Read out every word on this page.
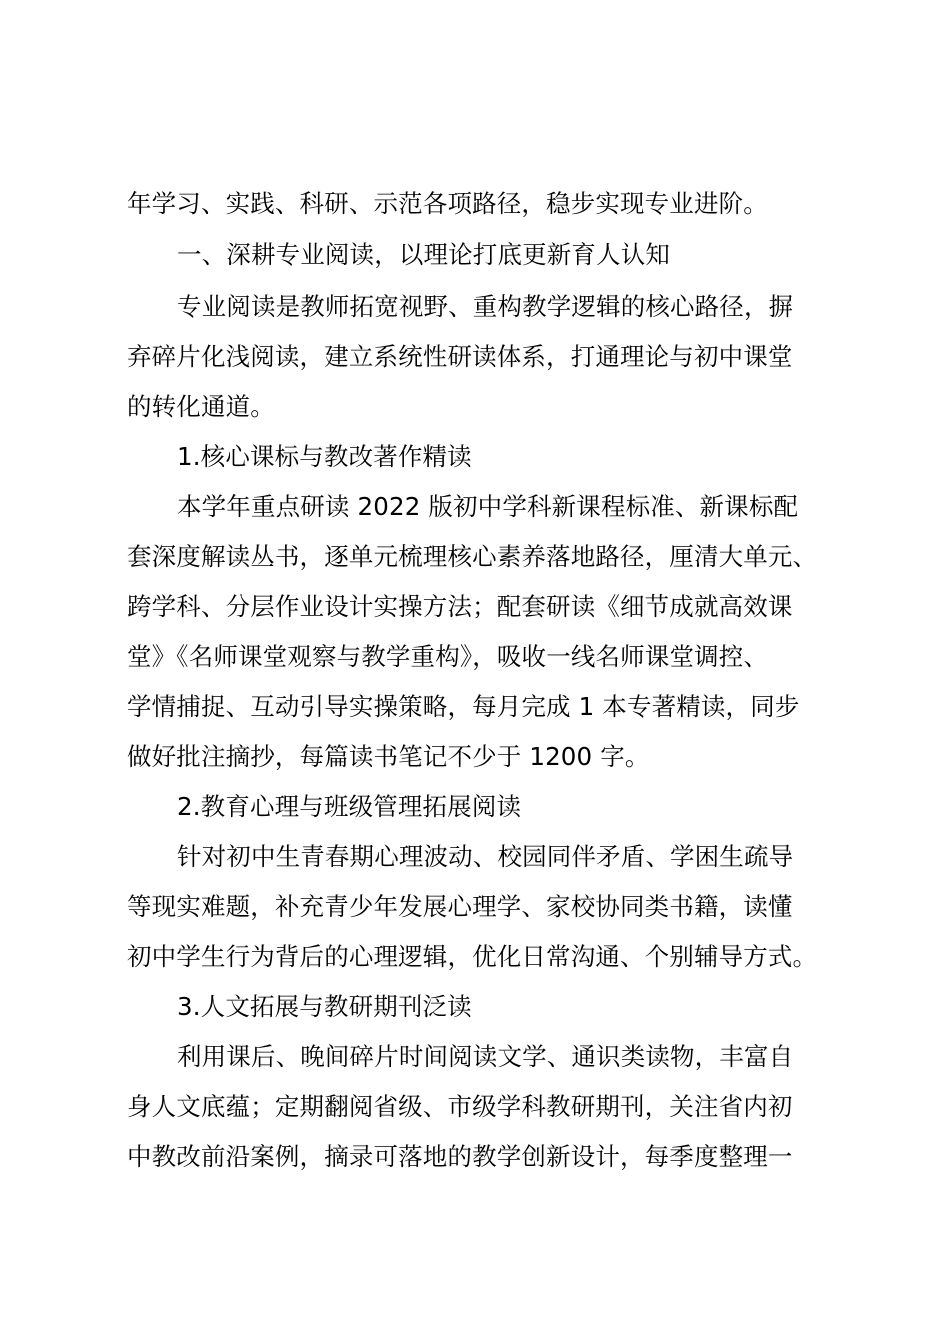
年学习、实践、科研、示范各项路径，稳步实现专业进阶。
一、深耕专业阅读，以理论打底更新育人认知
专业阅读是教师拓宽视野、重构教学逻辑的核心路径，摒
弃碎片化浅阅读，建立系统性研读体系，打通理论与初中课堂
的转化通道。
1.核心课标与教改著作精读
本学年重点研读 2022 版初中学科新课程标准、新课标配
套深度解读丛书，逐单元梳理核心素养落地路径，厘清大单元、
跨学科、分层作业设计实操方法；配套研读《细节成就高效课
堂》《名师课堂观察与教学重构》，吸收一线名师课堂调控、
学情捕捉、互动引导实操策略，每月完成 1 本专著精读，同步
做好批注摘抄，每篇读书笔记不少于 1200 字。
2.教育心理与班级管理拓展阅读
针对初中生青春期心理波动、校园同伴矛盾、学困生疏导
等现实难题，补充青少年发展心理学、家校协同类书籍，读懂
初中学生行为背后的心理逻辑，优化日常沟通、个别辅导方式。
3.人文拓展与教研期刊泛读
利用课后、晚间碎片时间阅读文学、通识类读物，丰富自
身人文底蕴；定期翻阅省级、市级学科教研期刊，关注省内初
中教改前沿案例，摘录可落地的教学创新设计，每季度整理一
